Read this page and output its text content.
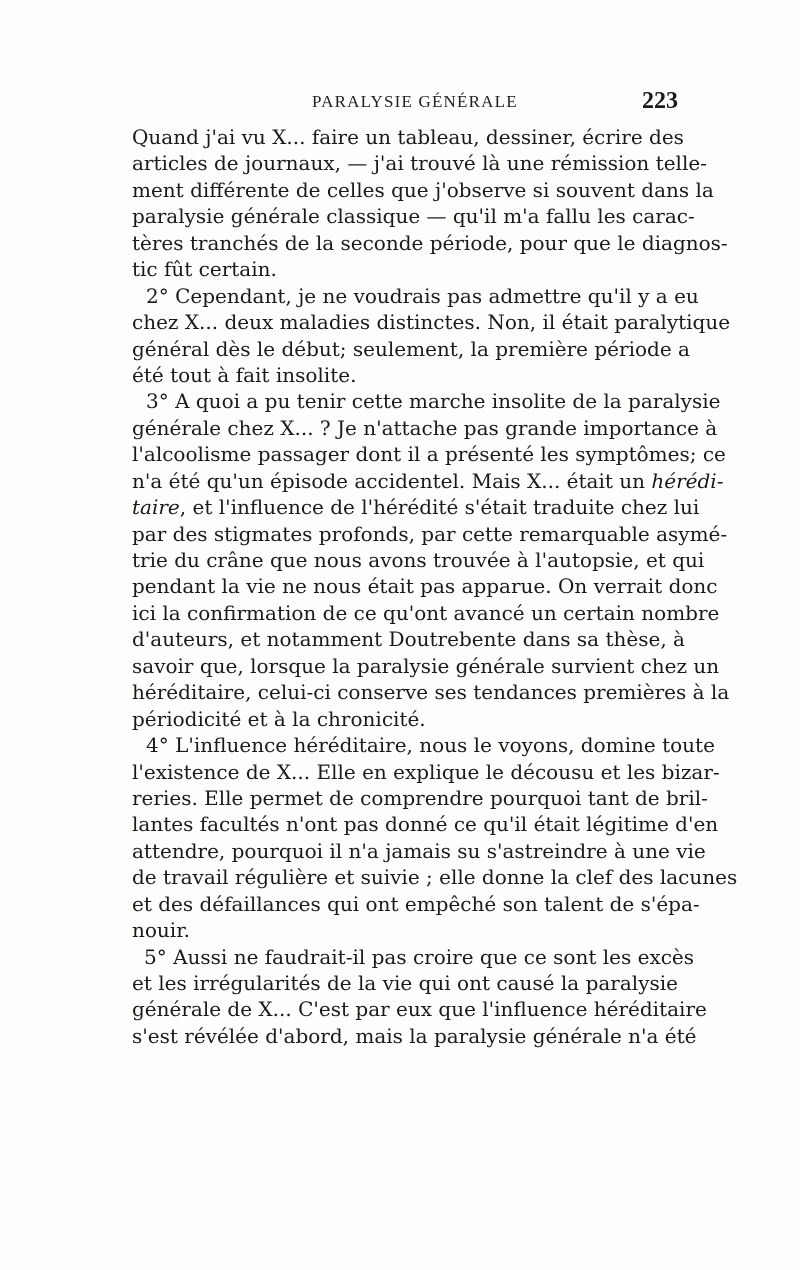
PARALYSIE GÉNÉRALE	223
Quand j'ai vu X... faire un tableau, dessiner, écrire des
articles de journaux, — j'ai trouvé là une rémission telle-
ment différente de celles que j'observe si souvent dans la
paralysie générale classique — qu'il m'a fallu les carac-
tères tranchés de la seconde période, pour que le diagnos-
tic fût certain.
2° Cependant, je ne voudrais pas admettre qu'il y a eu
chez X... deux maladies distinctes. Non, il était paralytique
général dès le début; seulement, la première période a
été tout à fait insolite.
3° A quoi a pu tenir cette marche insolite de la paralysie
générale chez X... ? Je n'attache pas grande importance à
l'alcoolisme passager dont il a présenté les symptômes; ce
n'a été qu'un épisode accidentel. Mais X... était un hérédi-
taire, et l'influence de l'hérédité s'était traduite chez lui
par des stigmates profonds, par cette remarquable asymé-
trie du crâne que nous avons trouvée à l'autopsie, et qui
pendant la vie ne nous était pas apparue. On verrait donc
ici la confirmation de ce qu'ont avancé un certain nombre
d'auteurs, et notamment Doutrebente dans sa thèse, à
savoir que, lorsque la paralysie générale survient chez un
héréditaire, celui-ci conserve ses tendances premières à la
périodicité et à la chronicité.
4° L'influence héréditaire, nous le voyons, domine toute
l'existence de X... Elle en explique le décousu et les bizar-
reries. Elle permet de comprendre pourquoi tant de bril-
lantes facultés n'ont pas donné ce qu'il était légitime d'en
attendre, pourquoi il n'a jamais su s'astreindre à une vie
de travail régulière et suivie ; elle donne la clef des lacunes
et des défaillances qui ont empêché son talent de s'épa-
nouir.
5° Aussi ne faudrait-il pas croire que ce sont les excès
et les irrégularités de la vie qui ont causé la paralysie
générale de X... C'est par eux que l'influence héréditaire
s'est révélée d'abord, mais la paralysie générale n'a été
